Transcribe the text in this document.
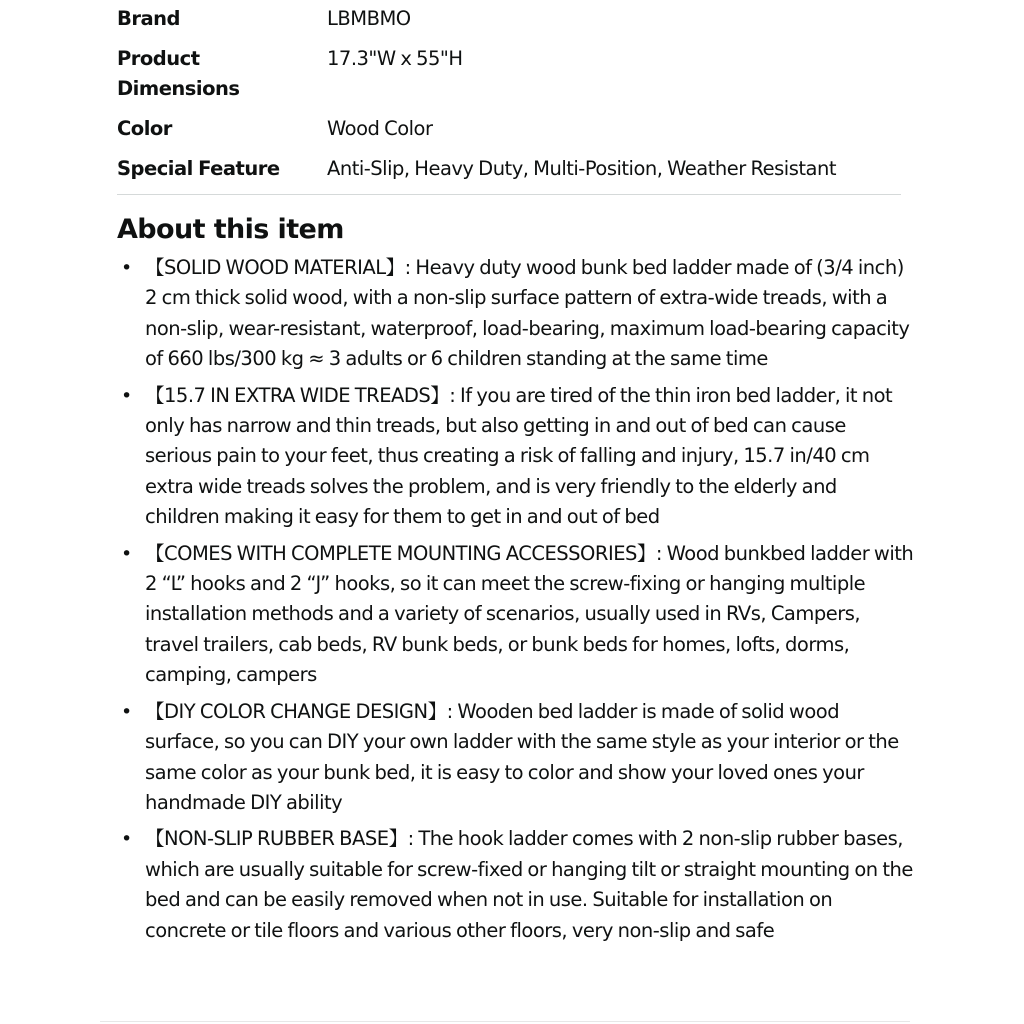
Brand	LBMBMO
Product Dimensions	17.3"W x 55"H
Color	Wood Color
Special Feature	Anti-Slip, Heavy Duty, Multi-Position, Weather Resistant
About this item
• 【SOLID WOOD MATERIAL】: Heavy duty wood bunk bed ladder made of (3/4 inch) 2 cm thick solid wood, with a non-slip surface pattern of extra-wide treads, with a non-slip, wear-resistant, waterproof, load-bearing, maximum load-bearing capacity of 660 lbs/300 kg ≈ 3 adults or 6 children standing at the same time
• 【15.7 IN EXTRA WIDE TREADS】: If you are tired of the thin iron bed ladder, it not only has narrow and thin treads, but also getting in and out of bed can cause serious pain to your feet, thus creating a risk of falling and injury, 15.7 in/40 cm extra wide treads solves the problem, and is very friendly to the elderly and children making it easy for them to get in and out of bed
• 【COMES WITH COMPLETE MOUNTING ACCESSORIES】: Wood bunkbed ladder with 2 “L” hooks and 2 “J” hooks, so it can meet the screw-fixing or hanging multiple installation methods and a variety of scenarios, usually used in RVs, Campers, travel trailers, cab beds, RV bunk beds, or bunk beds for homes, lofts, dorms, camping, campers
• 【DIY COLOR CHANGE DESIGN】: Wooden bed ladder is made of solid wood surface, so you can DIY your own ladder with the same style as your interior or the same color as your bunk bed, it is easy to color and show your loved ones your handmade DIY ability
• 【NON-SLIP RUBBER BASE】: The hook ladder comes with 2 non-slip rubber bases, which are usually suitable for screw-fixed or hanging tilt or straight mounting on the bed and can be easily removed when not in use. Suitable for installation on concrete or tile floors and various other floors, very non-slip and safe
